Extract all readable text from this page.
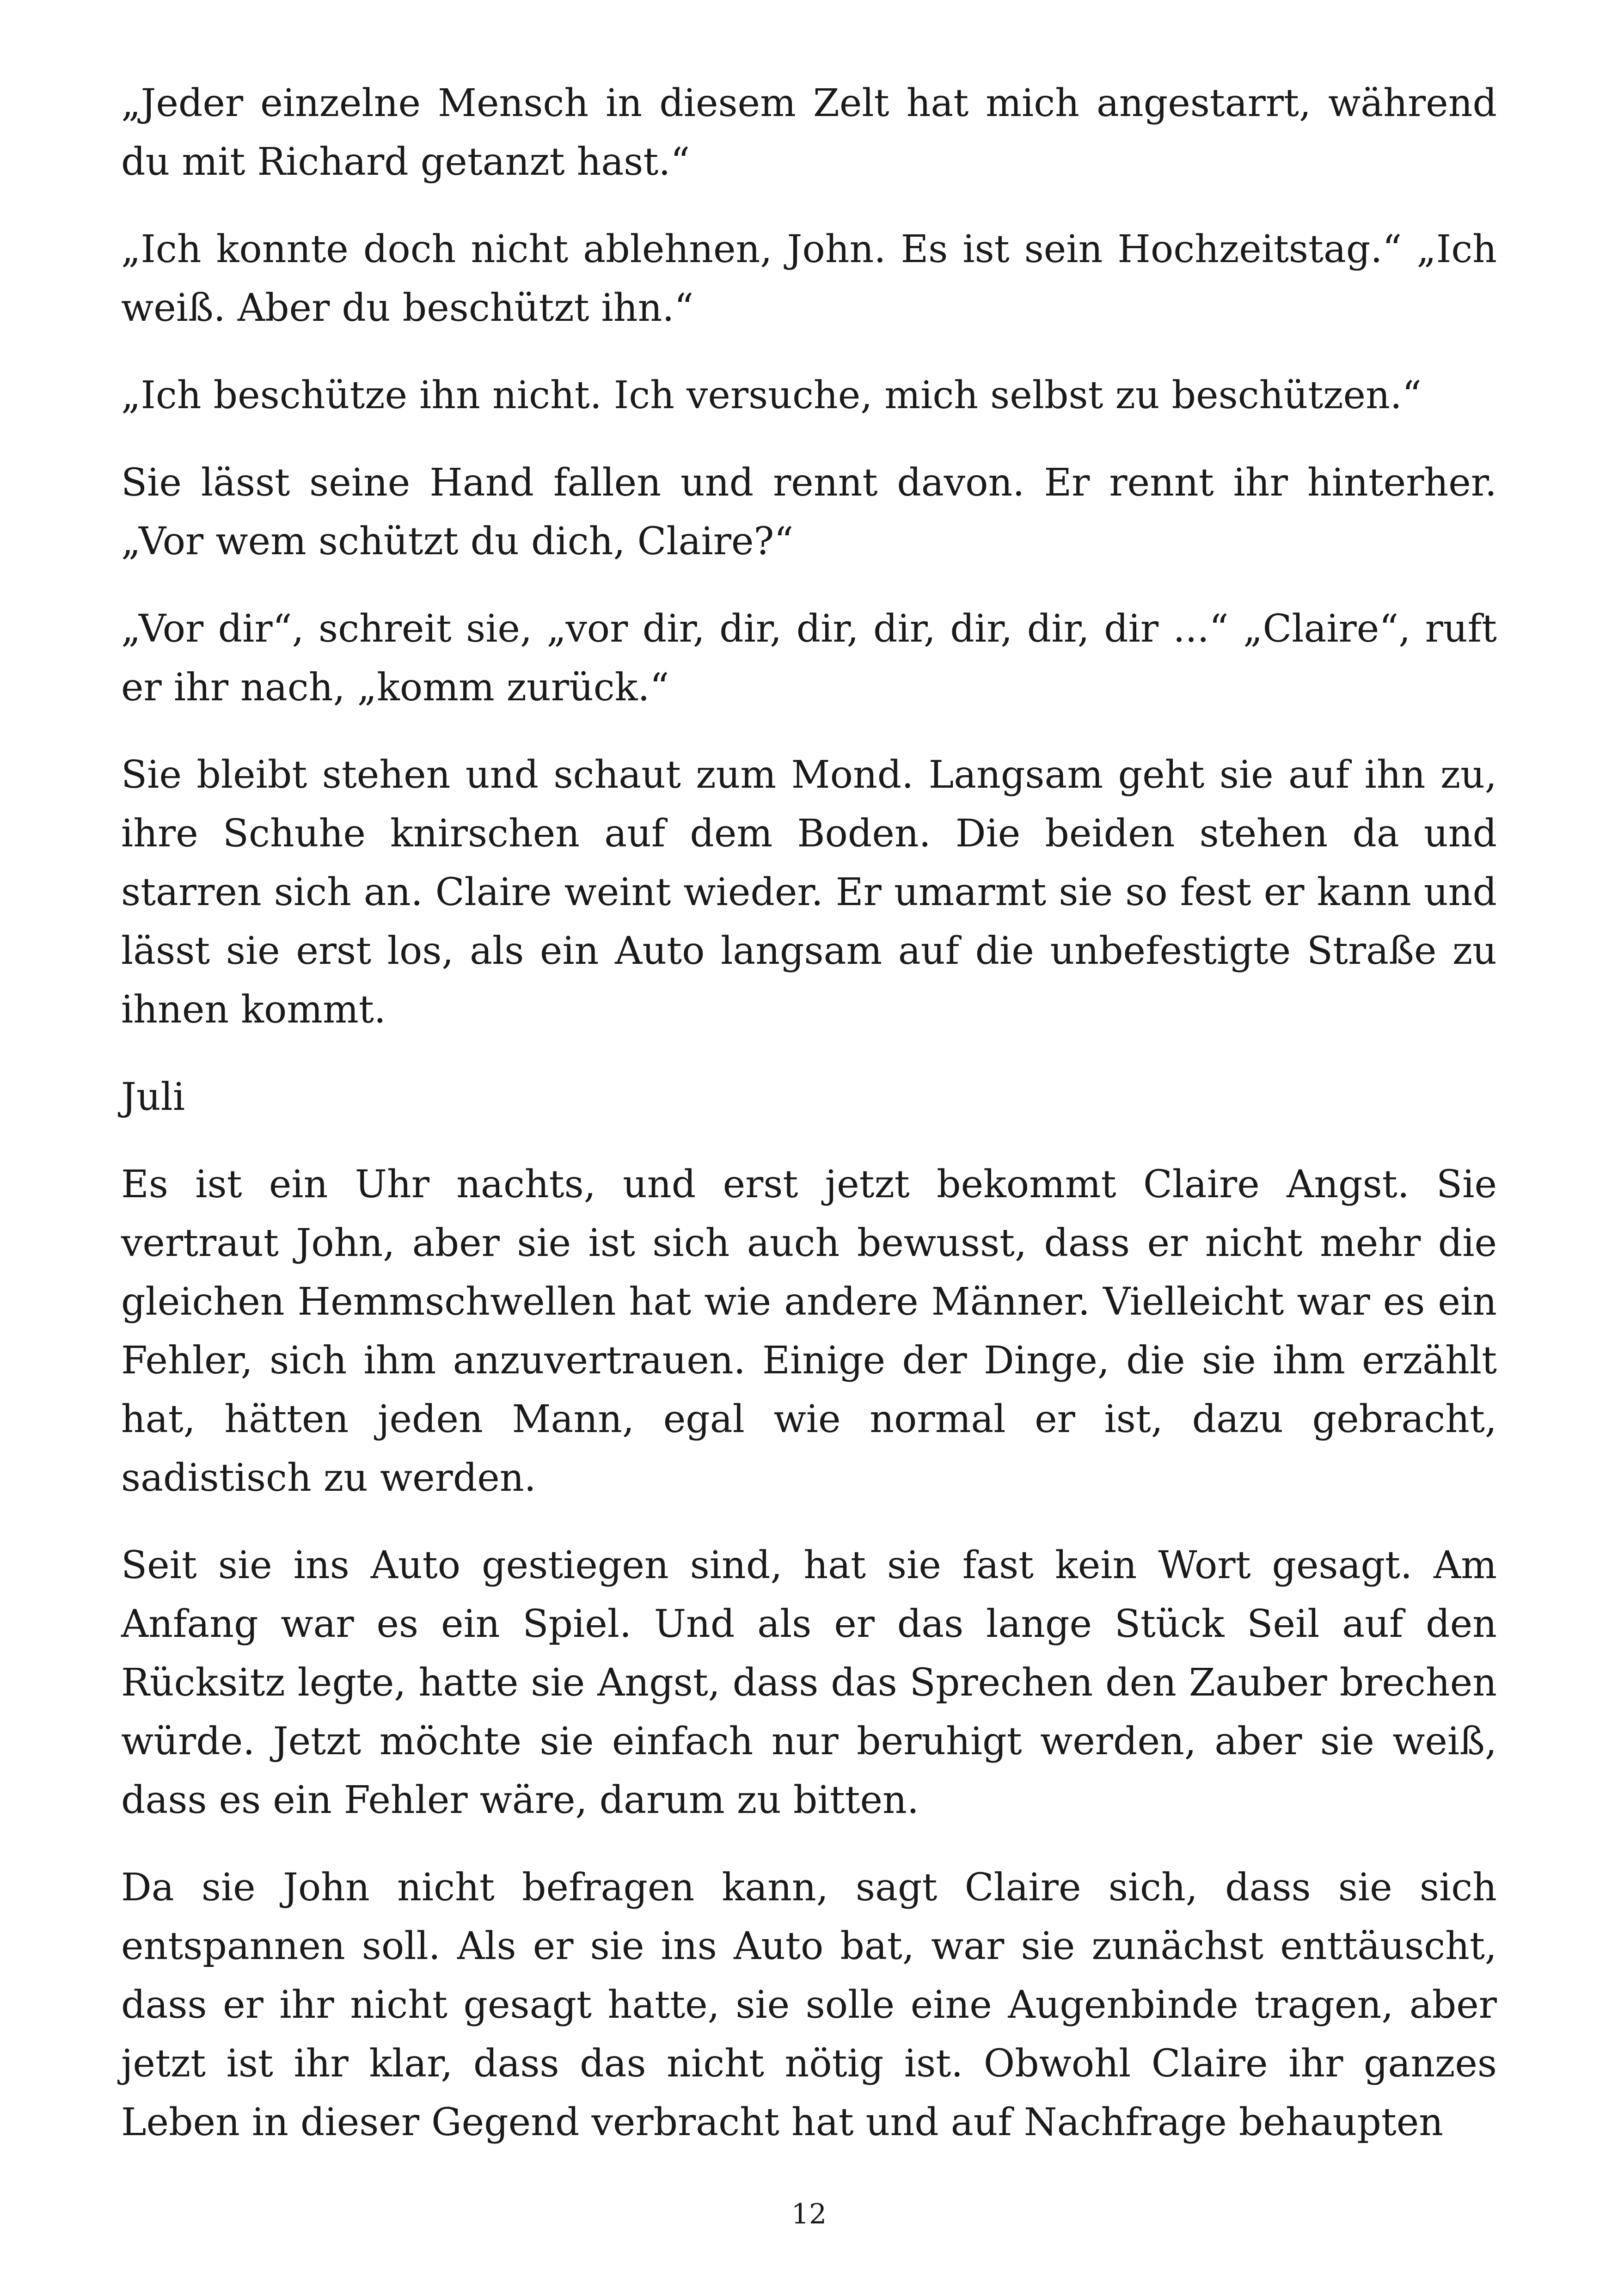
„Jeder einzelne Mensch in diesem Zelt hat mich angestarrt, während du mit Richard getanzt hast.“

„Ich konnte doch nicht ablehnen, John. Es ist sein Hochzeitstag.“ „Ich weiß. Aber du beschützt ihn.“

„Ich beschütze ihn nicht. Ich versuche, mich selbst zu beschützen.“

Sie lässt seine Hand fallen und rennt davon. Er rennt ihr hinterher. „Vor wem schützt du dich, Claire?“

„Vor dir“, schreit sie, „vor dir, dir, dir, dir, dir, dir, dir ...“ „Claire“, ruft er ihr nach, „komm zurück.“

Sie bleibt stehen und schaut zum Mond. Langsam geht sie auf ihn zu, ihre Schuhe knirschen auf dem Boden. Die beiden stehen da und starren sich an. Claire weint wieder. Er umarmt sie so fest er kann und lässt sie erst los, als ein Auto langsam auf die unbefestigte Straße zu ihnen kommt.

Juli

Es ist ein Uhr nachts, und erst jetzt bekommt Claire Angst. Sie vertraut John, aber sie ist sich auch bewusst, dass er nicht mehr die gleichen Hemmschwellen hat wie andere Männer. Vielleicht war es ein Fehler, sich ihm anzuvertrauen. Einige der Dinge, die sie ihm erzählt hat, hätten jeden Mann, egal wie normal er ist, dazu gebracht, sadistisch zu werden.

Seit sie ins Auto gestiegen sind, hat sie fast kein Wort gesagt. Am Anfang war es ein Spiel. Und als er das lange Stück Seil auf den Rücksitz legte, hatte sie Angst, dass das Sprechen den Zauber brechen würde. Jetzt möchte sie einfach nur beruhigt werden, aber sie weiß, dass es ein Fehler wäre, darum zu bitten.

Da sie John nicht befragen kann, sagt Claire sich, dass sie sich entspannen soll. Als er sie ins Auto bat, war sie zunächst enttäuscht, dass er ihr nicht gesagt hatte, sie solle eine Augenbinde tragen, aber jetzt ist ihr klar, dass das nicht nötig ist. Obwohl Claire ihr ganzes Leben in dieser Gegend verbracht hat und auf Nachfrage behaupten

12
